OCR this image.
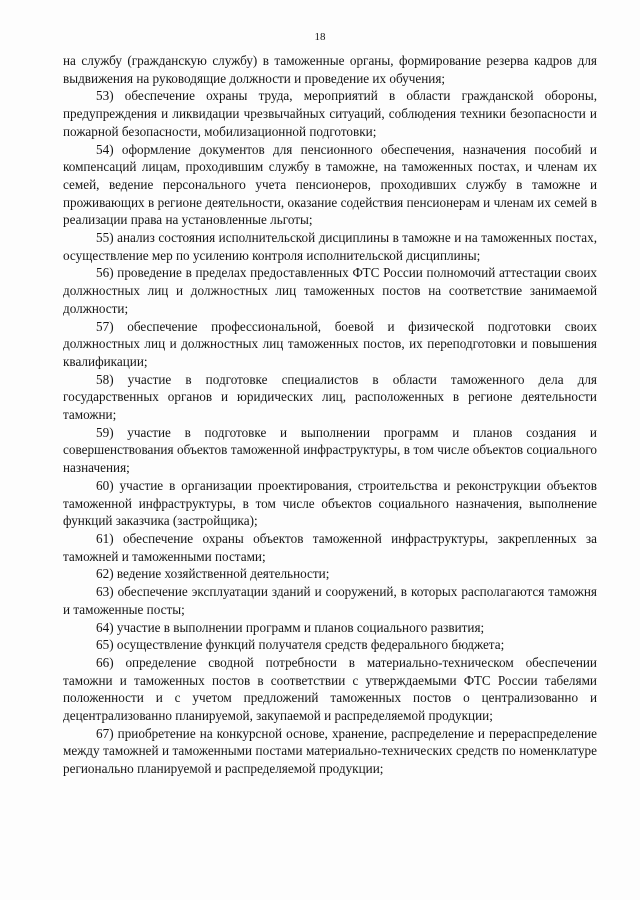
18

на службу (гражданскую службу) в таможенные органы, формирование резерва кадров для выдвижения на руководящие должности и проведение их обучения;

53) обеспечение охраны труда, мероприятий в области гражданской обороны, предупреждения и ликвидации чрезвычайных ситуаций, соблюдения техники безопасности и пожарной безопасности, мобилизационной подготовки;

54) оформление документов для пенсионного обеспечения, назначения пособий и компенсаций лицам, проходившим службу в таможне, на таможенных постах, и членам их семей, ведение персонального учета пенсионеров, проходивших службу в таможне и проживающих в регионе деятельности, оказание содействия пенсионерам и членам их семей в реализации права на установленные льготы;

55) анализ состояния исполнительской дисциплины в таможне и на таможенных постах, осуществление мер по усилению контроля исполнительской дисциплины;

56) проведение в пределах предоставленных ФТС России полномочий аттестации своих должностных лиц и должностных лиц таможенных постов на соответствие занимаемой должности;

57) обеспечение профессиональной, боевой и физической подготовки своих должностных лиц и должностных лиц таможенных постов, их переподготовки и повышения квалификации;

58) участие в подготовке специалистов в области таможенного дела для государственных органов и юридических лиц, расположенных в регионе деятельности таможни;

59) участие в подготовке и выполнении программ и планов создания и совершенствования объектов таможенной инфраструктуры, в том числе объектов социального назначения;

60) участие в организации проектирования, строительства и реконструкции объектов таможенной инфраструктуры, в том числе объектов социального назначения, выполнение функций заказчика (застройщика);

61) обеспечение охраны объектов таможенной инфраструктуры, закрепленных за таможней и таможенными постами;

62) ведение хозяйственной деятельности;

63) обеспечение эксплуатации зданий и сооружений, в которых располагаются таможня и таможенные посты;

64) участие в выполнении программ и планов социального развития;

65) осуществление функций получателя средств федерального бюджета;

66) определение сводной потребности в материально-техническом обеспечении таможни и таможенных постов в соответствии с утверждаемыми ФТС России табелями положенности и с учетом предложений таможенных постов о централизованно и децентрализованно планируемой, закупаемой и распределяемой продукции;

67) приобретение на конкурсной основе, хранение, распределение и перераспределение между таможней и таможенными постами материально-технических средств по номенклатуре регионально планируемой и распределяемой продукции;
